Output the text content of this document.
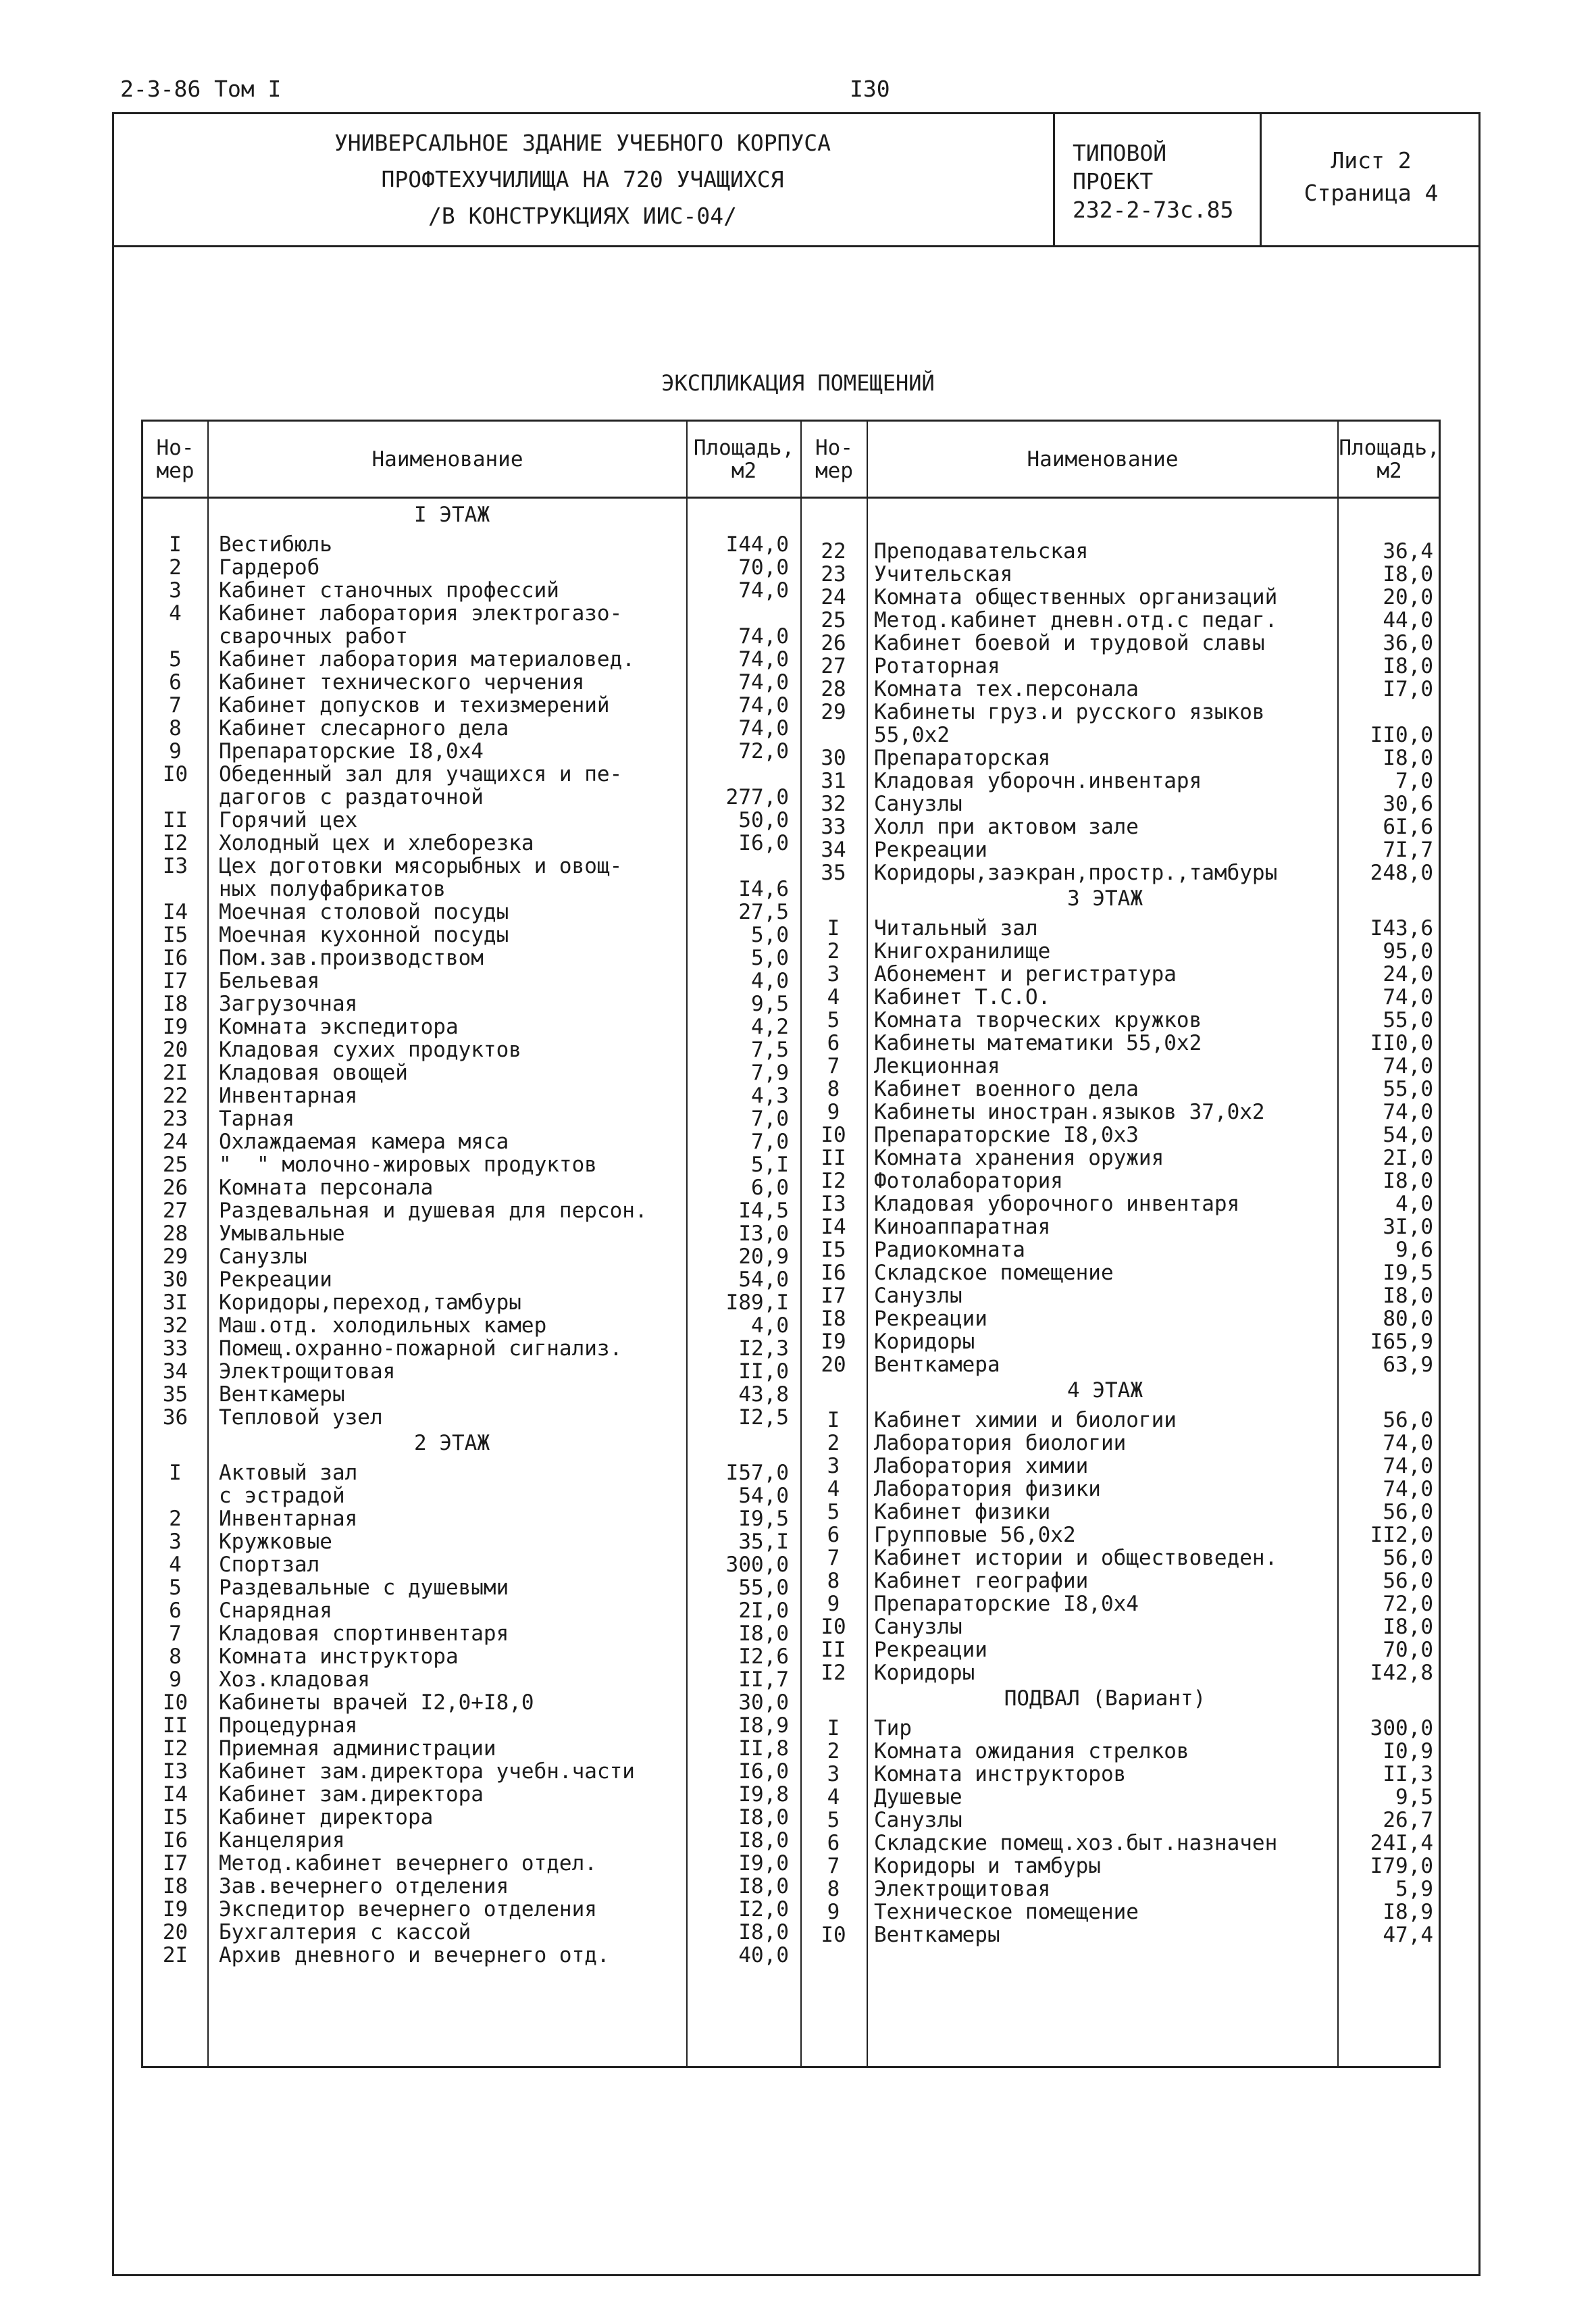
2-3-86 Том I	I30
УНИВЕРСАЛЬНОЕ ЗДАНИЕ УЧЕБНОГО КОРПУСА
ПРОФТЕХУЧИЛИЩА НА 720 УЧАЩИХСЯ
/В КОНСТРУКЦИЯХ ИИС-04/
ТИПОВОЙ ПРОЕКТ
232-2-73с.85
Лист 2
Страница 4
ЭКСПЛИКАЦИЯ ПОМЕЩЕНИЙ
Но-
мер	Наименование	Площадь,
м2
Но-
мер	Наименование	Площадь,
м2
I ЭТАЖ
I	Вестибюль	I44,0
2	Гардероб	70,0
3	Кабинет станочных профессий	74,0
4	Кабинет лаборатория электрогазо-
сварочных работ	74,0
5	Кабинет лаборатория материаловед.	74,0
6	Кабинет технического черчения	74,0
7	Кабинет допусков и техизмерений	74,0
8	Кабинет слесарного дела	74,0
9	Препараторские I8,0х4	72,0
I0	Обеденный зал для учащихся и пе-
дагогов с раздаточной	277,0
II	Горячий цех	50,0
I2	Холодный цех и хлеборезка	I6,0
I3	Цех доготовки мясорыбных и овощ-
ных полуфабрикатов	I4,6
I4	Моечная столовой посуды	27,5
I5	Моечная кухонной посуды	5,0
I6	Пом.зав.производством	5,0
I7	Бельевая	4,0
I8	Загрузочная	9,5
I9	Комната экспедитора	4,2
20	Кладовая сухих продуктов	7,5
2I	Кладовая овощей	7,9
22	Инвентарная	4,3
23	Тарная	7,0
24	Охлаждаемая камера мяса	7,0
25	"  " молочно-жировых продуктов	5,I
26	Комната персонала	6,0
27	Раздевальная и душевая для персон.	I4,5
28	Умывальные	I3,0
29	Санузлы	20,9
30	Рекреации	54,0
3I	Коридоры,переход,тамбуры	I89,I
32	Маш.отд. холодильных камер	4,0
33	Помещ.охранно-пожарной сигнализ.	I2,3
34	Электрощитовая	II,0
35	Венткамеры	43,8
36	Тепловой узел	I2,5
2 ЭТАЖ
I	Актовый зал	I57,0
с эстрадой	54,0
2	Инвентарная	I9,5
3	Кружковые	35,I
4	Спортзал	300,0
5	Раздевальные с душевыми	55,0
6	Снарядная	2I,0
7	Кладовая спортинвентаря	I8,0
8	Комната инструктора	I2,6
9	Хоз.кладовая	II,7
I0	Кабинеты врачей I2,0+I8,0	30,0
II	Процедурная	I8,9
I2	Приемная администрации	II,8
I3	Кабинет зам.директора учебн.части	I6,0
I4	Кабинет зам.директора	I9,8
I5	Кабинет директора	I8,0
I6	Канцелярия	I8,0
I7	Метод.кабинет вечернего отдел.	I9,0
I8	Зав.вечернего отделения	I8,0
I9	Экспедитор вечернего отделения	I2,0
20	Бухгалтерия с кассой	I8,0
2I	Архив дневного и вечернего отд.	40,0
22	Преподавательская	36,4
23	Учительская	I8,0
24	Комната общественных организаций	20,0
25	Метод.кабинет дневн.отд.с педаг.	44,0
26	Кабинет боевой и трудовой славы	36,0
27	Ротаторная	I8,0
28	Комната тех.персонала	I7,0
29	Кабинеты груз.и русского языков
55,0х2	II0,0
30	Препараторская	I8,0
31	Кладовая уборочн.инвентаря	7,0
32	Санузлы	30,6
33	Холл при актовом зале	6I,6
34	Рекреации	7I,7
35	Коридоры,заэкран,простр.,тамбуры	248,0
3 ЭТАЖ
I	Читальный зал	I43,6
2	Книгохранилище	95,0
3	Абонемент и регистратура	24,0
4	Кабинет Т.С.О.	74,0
5	Комната творческих кружков	55,0
6	Кабинеты математики 55,0х2	II0,0
7	Лекционная	74,0
8	Кабинет военного дела	55,0
9	Кабинеты иностран.языков 37,0х2	74,0
I0	Препараторские I8,0х3	54,0
II	Комната хранения оружия	2I,0
I2	Фотолаборатория	I8,0
I3	Кладовая уборочного инвентаря	4,0
I4	Киноаппаратная	3I,0
I5	Радиокомната	9,6
I6	Складское помещение	I9,5
I7	Санузлы	I8,0
I8	Рекреации	80,0
I9	Коридоры	I65,9
20	Венткамера	63,9
4 ЭТАЖ
I	Кабинет химии и биологии	56,0
2	Лаборатория биологии	74,0
3	Лаборатория химии	74,0
4	Лаборатория физики	74,0
5	Кабинет физики	56,0
6	Групповые 56,0х2	II2,0
7	Кабинет истории и обществоведен.	56,0
8	Кабинет географии	56,0
9	Препараторские I8,0х4	72,0
I0	Санузлы	I8,0
II	Рекреации	70,0
I2	Коридоры	I42,8
ПОДВАЛ (Вариант)
I	Тир	300,0
2	Комната ожидания стрелков	I0,9
3	Комната инструкторов	II,3
4	Душевые	9,5
5	Санузлы	26,7
6	Складские помещ.хоз.быт.назначен	24I,4
7	Коридоры и тамбуры	I79,0
8	Электрощитовая	5,9
9	Техническое помещение	I8,9
I0	Венткамеры	47,4
